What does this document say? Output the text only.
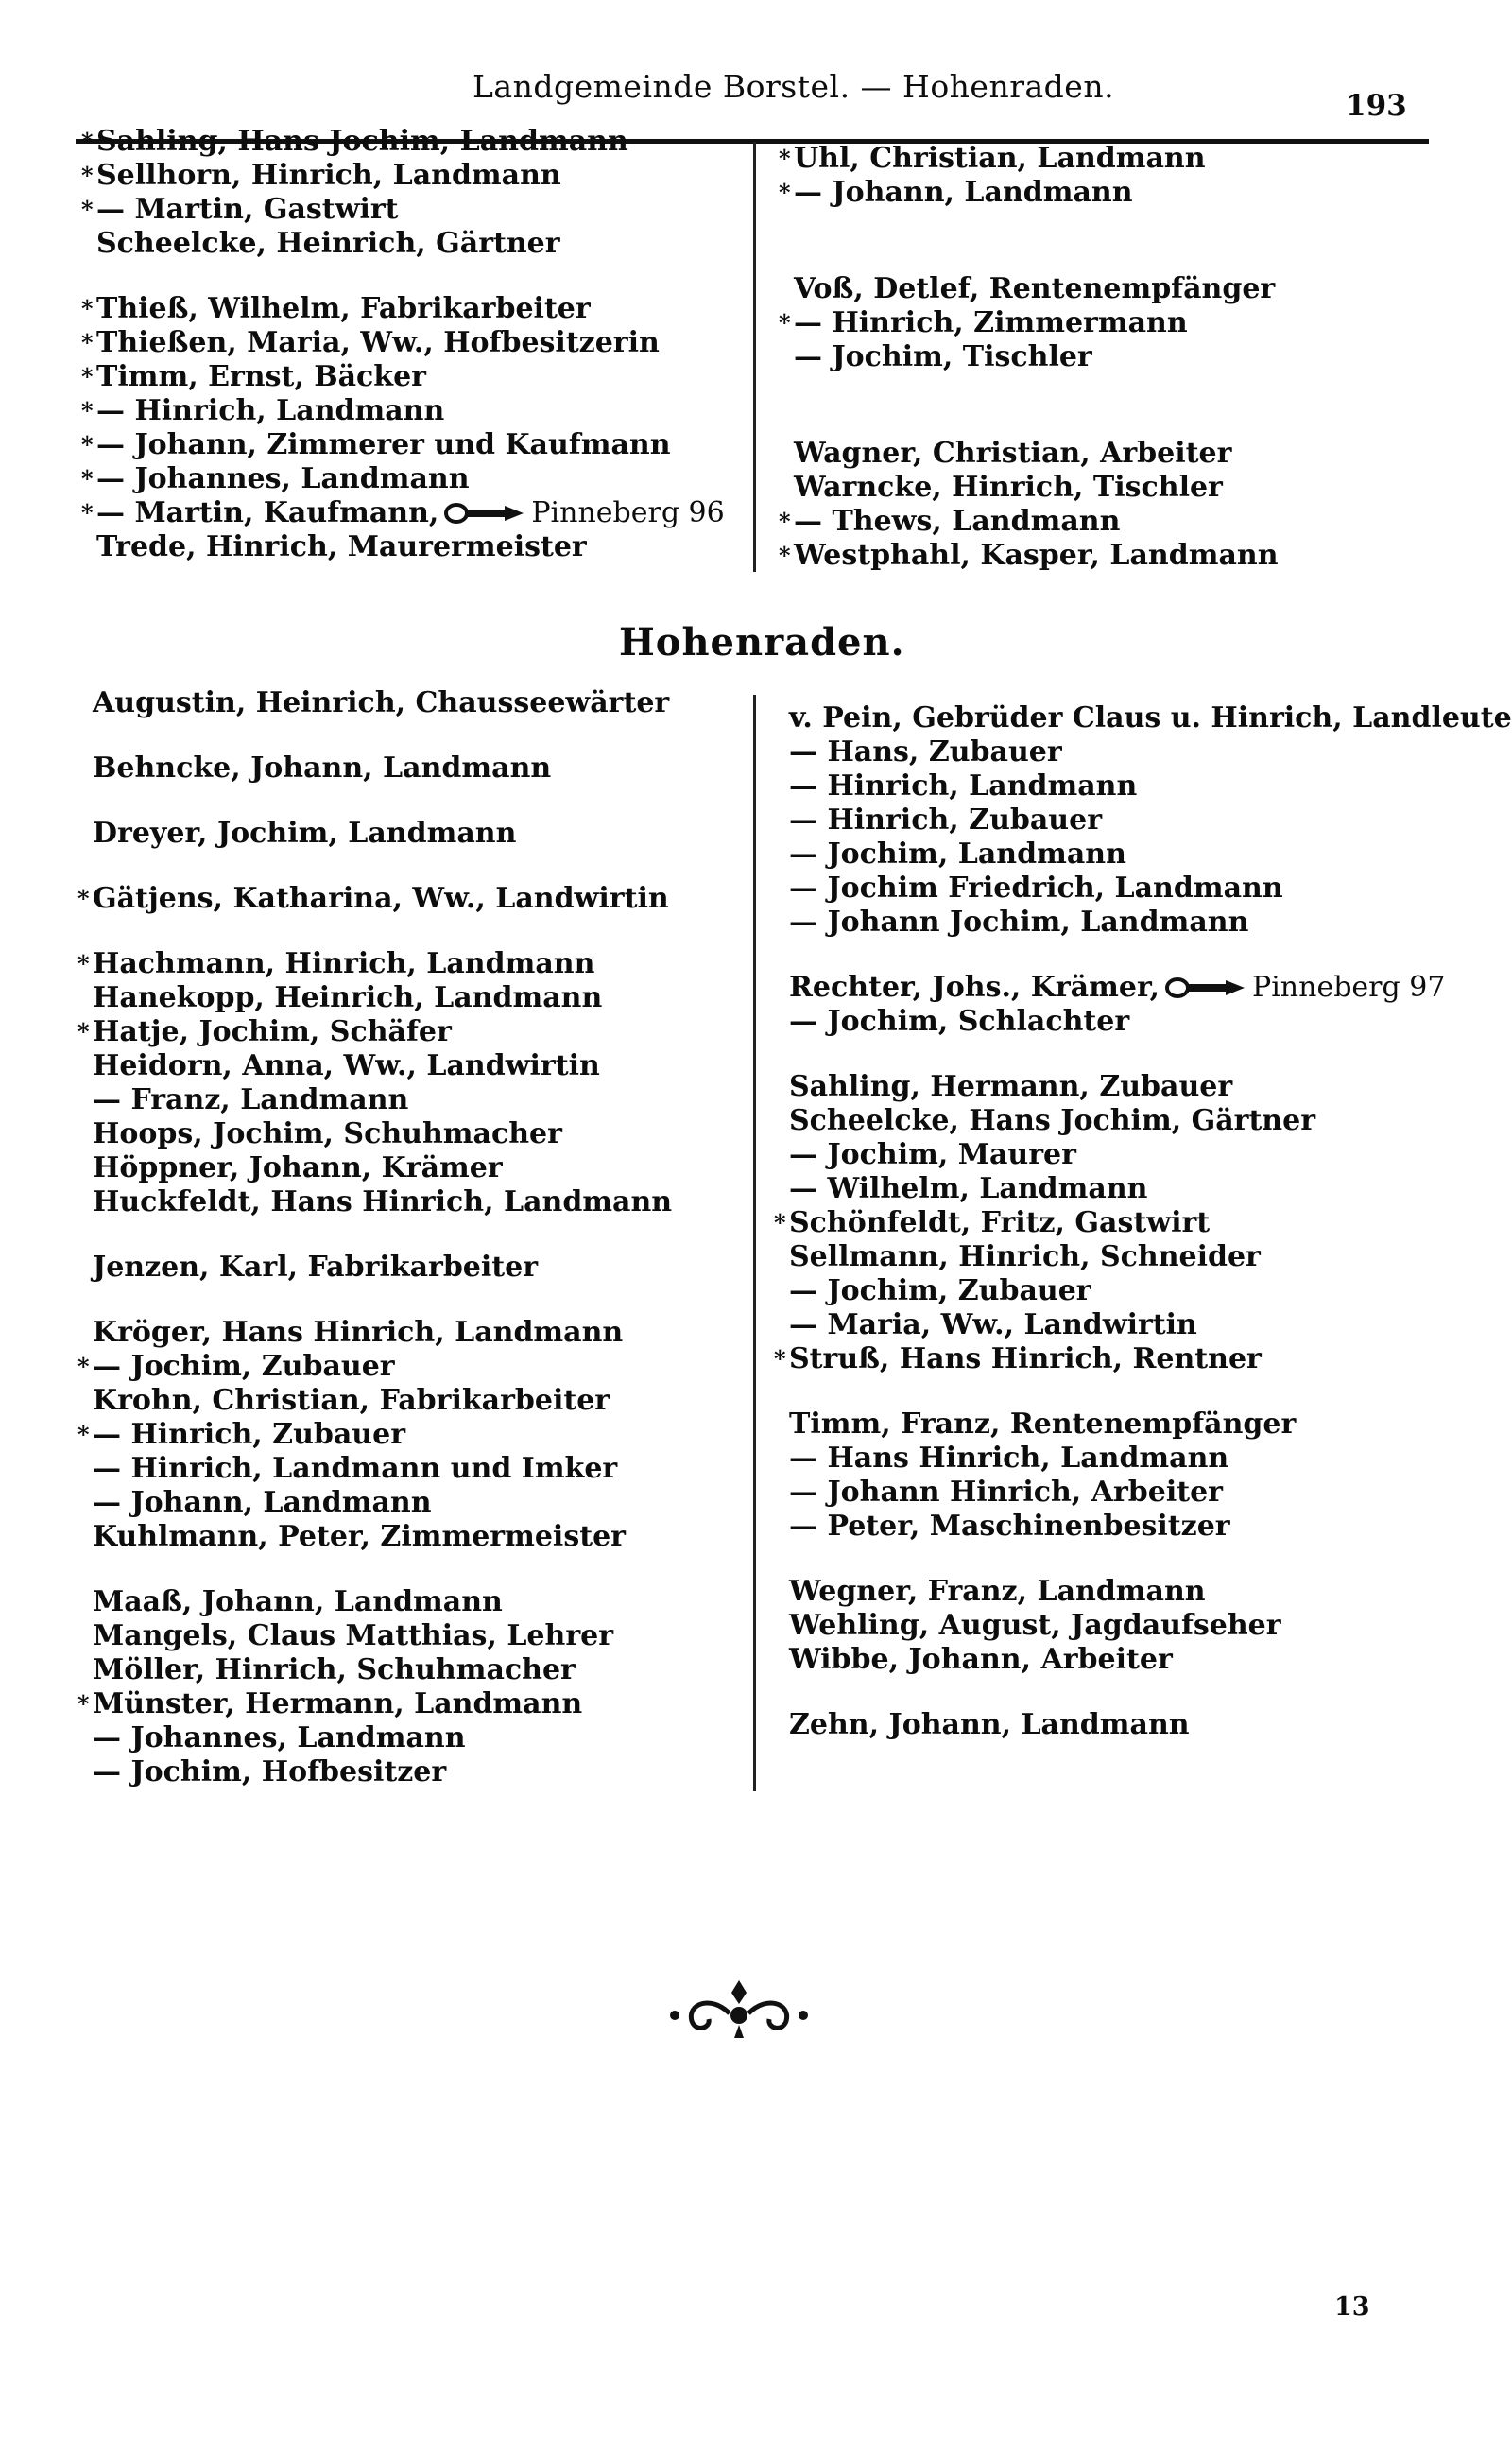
Landgemeinde Borstel. — Hohenraden.
193
* Sahling, Hans Jochim, Landmann
* Sellhorn, Hinrich, Landmann
* — Martin, Gastwirt
Scheelcke, Heinrich, Gärtner
* Thieß, Wilhelm, Fabrikarbeiter
* Thießen, Maria, Ww., Hofbesitzerin
* Timm, Ernst, Bäcker
* — Hinrich, Landmann
* — Johann, Zimmerer und Kaufmann
* — Johannes, Landmann
* — Martin, Kaufmann,	Pinneberg 96
Trede, Hinrich, Maurermeister
* Uhl, Christian, Landmann
* — Johann, Landmann
Voß, Detlef, Rentenempfänger
* — Hinrich, Zimmermann
— Jochim, Tischler
Wagner, Christian, Arbeiter
Warncke, Hinrich, Tischler
* — Thews, Landmann
* Westphahl, Kasper, Landmann
Hohenraden.
Augustin, Heinrich, Chausseewärter
Behncke, Johann, Landmann
Dreyer, Jochim, Landmann
* Gätjens, Katharina, Ww., Landwirtin
* Hachmann, Hinrich, Landmann
Hanekopp, Heinrich, Landmann
* Hatje, Jochim, Schäfer
Heidorn, Anna, Ww., Landwirtin
— Franz, Landmann
Hoops, Jochim, Schuhmacher
Höppner, Johann, Krämer
Huckfeldt, Hans Hinrich, Landmann
Jenzen, Karl, Fabrikarbeiter
Kröger, Hans Hinrich, Landmann
* — Jochim, Zubauer
Krohn, Christian, Fabrikarbeiter
* — Hinrich, Zubauer
— Hinrich, Landmann und Imker
— Johann, Landmann
Kuhlmann, Peter, Zimmermeister
Maaß, Johann, Landmann
Mangels, Claus Matthias, Lehrer
Möller, Hinrich, Schuhmacher
* Münster, Hermann, Landmann
— Johannes, Landmann
— Jochim, Hofbesitzer
v. Pein, Gebrüder Claus u. Hinrich, Landleute
— Hans, Zubauer
— Hinrich, Landmann
— Hinrich, Zubauer
— Jochim, Landmann
— Jochim Friedrich, Landmann
— Johann Jochim, Landmann
Rechter, Johs., Krämer,	Pinneberg 97
— Jochim, Schlachter
Sahling, Hermann, Zubauer
Scheelcke, Hans Jochim, Gärtner
— Jochim, Maurer
— Wilhelm, Landmann
* Schönfeldt, Fritz, Gastwirt
Sellmann, Hinrich, Schneider
— Jochim, Zubauer
— Maria, Ww., Landwirtin
* Struß, Hans Hinrich, Rentner
Timm, Franz, Rentenempfänger
— Hans Hinrich, Landmann
— Johann Hinrich, Arbeiter
— Peter, Maschinenbesitzer
Wegner, Franz, Landmann
Wehling, August, Jagdaufseher
Wibbe, Johann, Arbeiter
Zehn, Johann, Landmann
13
